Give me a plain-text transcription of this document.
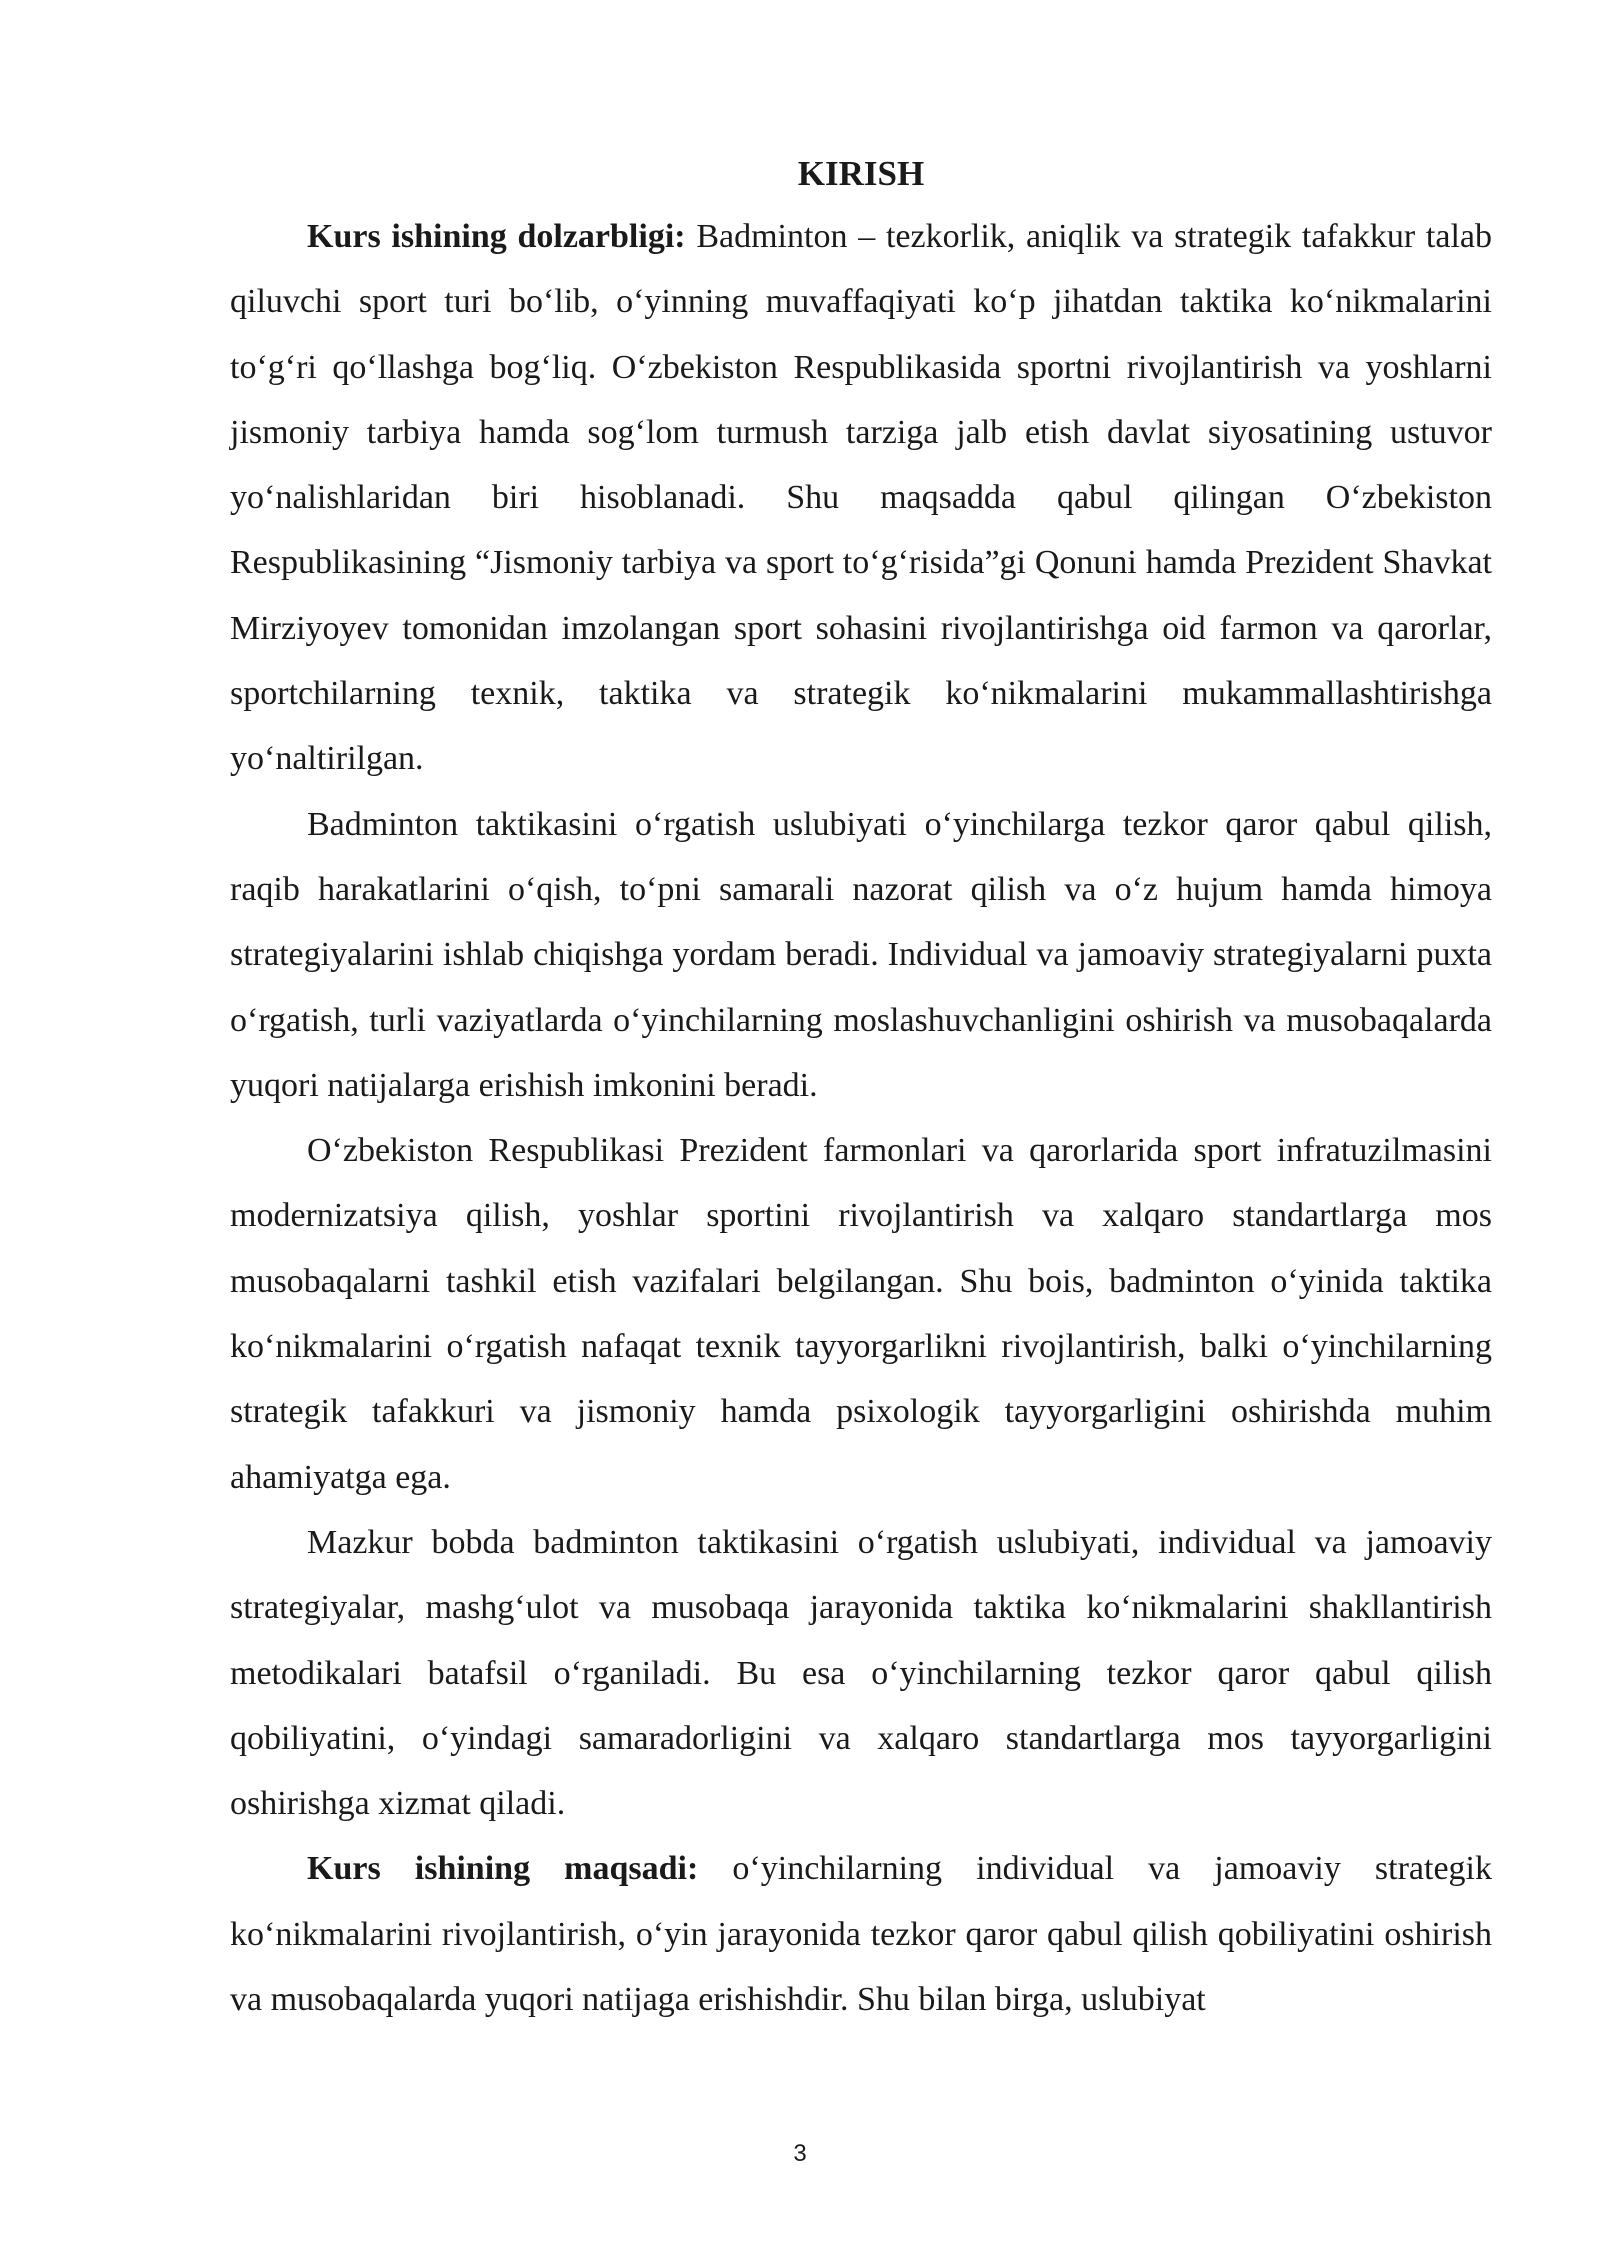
KIRISH

Kurs ishining dolzarbligi: Badminton – tezkorlik, aniqlik va strategik tafakkur talab qiluvchi sport turi bo‘lib, o‘yinning muvaffaqiyati ko‘p jihatdan taktika ko‘nikmalarini to‘g‘ri qo‘llashga bog‘liq. O‘zbekiston Respublikasida sportni rivojlantirish va yoshlarni jismoniy tarbiya hamda sog‘lom turmush tarziga jalb etish davlat siyosatining ustuvor yo‘nalishlaridan biri hisoblanadi. Shu maqsadda qabul qilingan O‘zbekiston Respublikasining “Jismoniy tarbiya va sport to‘g‘risida”gi Qonuni hamda Prezident Shavkat Mirziyoyev tomonidan imzolangan sport sohasini rivojlantirishga oid farmon va qarorlar, sportchilarning texnik, taktika va strategik ko‘nikmalarini mukammallashtirishga yo‘naltirilgan.

Badminton taktikasini o‘rgatish uslubiyati o‘yinchilarga tezkor qaror qabul qilish, raqib harakatlarini o‘qish, to‘pni samarali nazorat qilish va o‘z hujum hamda himoya strategiyalarini ishlab chiqishga yordam beradi. Individual va jamoaviy strategiyalarni puxta o‘rgatish, turli vaziyatlarda o‘yinchilarning moslashuvchanligini oshirish va musobaqalarda yuqori natijalarga erishish imkonini beradi.

O‘zbekiston Respublikasi Prezident farmonlari va qarorlarida sport infratuzilmasini modernizatsiya qilish, yoshlar sportini rivojlantirish va xalqaro standartlarga mos musobaqalarni tashkil etish vazifalari belgilangan. Shu bois, badminton o‘yinida taktika ko‘nikmalarini o‘rgatish nafaqat texnik tayyorgarlikni rivojlantirish, balki o‘yinchilarning strategik tafakkuri va jismoniy hamda psixologik tayyorgarligini oshirishda muhim ahamiyatga ega.

Mazkur bobda badminton taktikasini o‘rgatish uslubiyati, individual va jamoaviy strategiyalar, mashg‘ulot va musobaqa jarayonida taktika ko‘nikmalarini shakllantirish metodikalari batafsil o‘rganiladi. Bu esa o‘yinchilarning tezkor qaror qabul qilish qobiliyatini, o‘yindagi samaradorligini va xalqaro standartlarga mos tayyorgarligini oshirishga xizmat qiladi.

Kurs ishining maqsadi: o‘yinchilarning individual va jamoaviy strategik ko‘nikmalarini rivojlantirish, o‘yin jarayonida tezkor qaror qabul qilish qobiliyatini oshirish va musobaqalarda yuqori natijaga erishishdir. Shu bilan birga, uslubiyat

3
